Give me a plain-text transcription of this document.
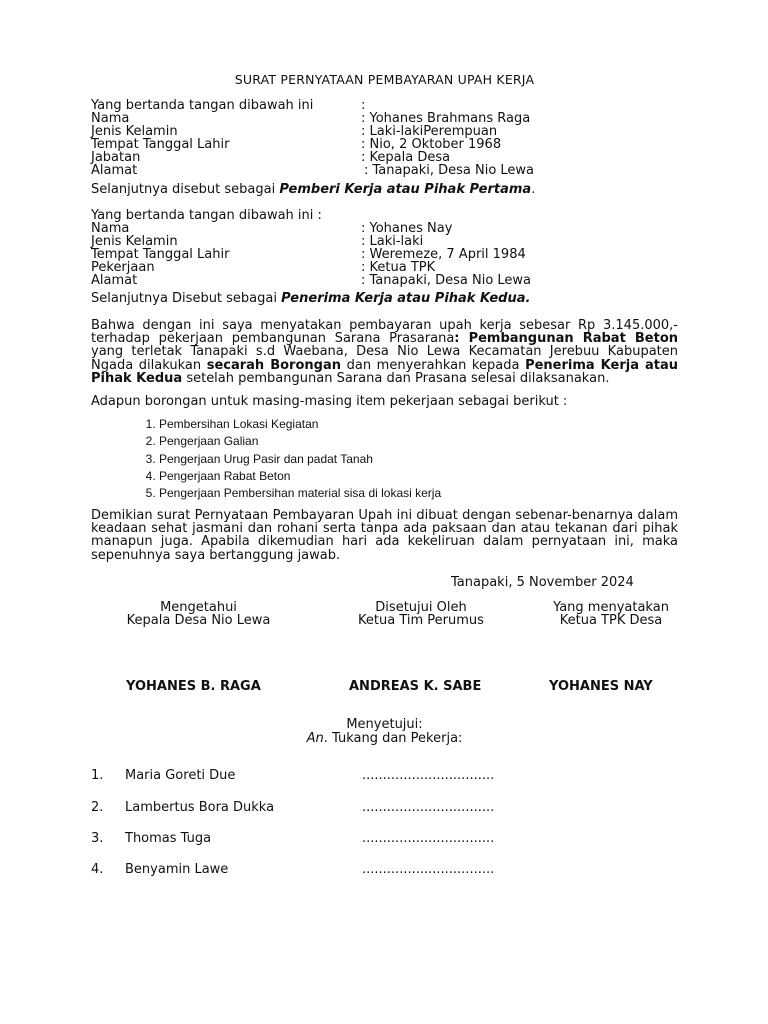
SURAT PERNYATAAN PEMBAYARAN UPAH KERJA
Yang bertanda tangan dibawah ini	:
Nama	: Yohanes Brahmans Raga
Jenis Kelamin	: Laki-lakiPerempuan
Tempat Tanggal Lahir	: Nio, 2 Oktober 1968
Jabatan	: Kepala Desa
Alamat	: Tanapaki, Desa Nio Lewa
Selanjutnya disebut sebagai Pemberi Kerja atau Pihak Pertama.
Yang bertanda tangan dibawah ini :
Nama	: Yohanes Nay
Jenis Kelamin	: Laki-laki
Tempat Tanggal Lahir	: Weremeze, 7 April 1984
Pekerjaan	: Ketua TPK
Alamat	: Tanapaki, Desa Nio Lewa
Selanjutnya Disebut sebagai Penerima Kerja atau Pihak Kedua.
Bahwa dengan ini saya menyatakan pembayaran upah kerja sebesar Rp 3.145.000,- terhadap pekerjaan pembangunan Sarana Prasarana: Pembangunan Rabat Beton yang terletak Tanapaki s.d Waebana, Desa Nio Lewa Kecamatan Jerebuu Kabupaten Ngada dilakukan secarah Borongan dan menyerahkan kepada Penerima Kerja atau Pihak Kedua setelah pembangunan Sarana dan Prasana selesai dilaksanakan.
Adapun borongan untuk masing-masing item pekerjaan sebagai berikut :
1. Pembersihan Lokasi Kegiatan
2. Pengerjaan Galian
3. Pengerjaan Urug Pasir dan padat Tanah
4. Pengerjaan Rabat Beton
5. Pengerjaan Pembersihan material sisa di lokasi kerja
Demikian surat Pernyataan Pembayaran Upah ini dibuat dengan sebenar-benarnya dalam keadaan sehat jasmani dan rohani serta tanpa ada paksaan dan atau tekanan dari pihak manapun juga. Apabila dikemudian hari ada kekeliruan dalam pernyataan ini, maka sepenuhnya saya bertanggung jawab.
Tanapaki, 5 November 2024
Mengetahui
Kepala Desa Nio Lewa
Disetujui Oleh
Ketua Tim Perumus
Yang menyatakan
Ketua TPK Desa
YOHANES B. RAGA	ANDREAS K. SABE	YOHANES NAY
Menyetujui:
An. Tukang dan Pekerja:
1. Maria Goreti Due	................................
2. Lambertus Bora Dukka	................................
3. Thomas Tuga	................................
4. Benyamin Lawe	................................
